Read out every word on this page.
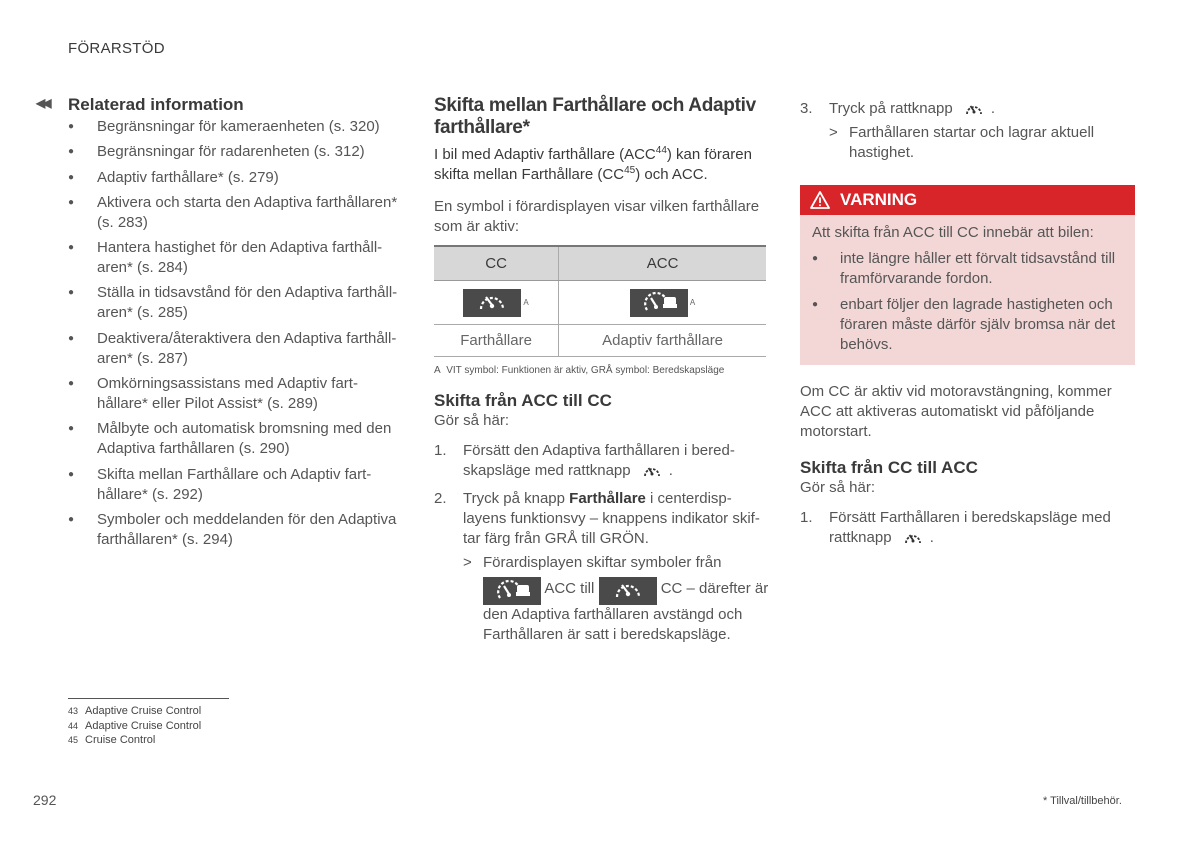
FÖRARSTÖD
◀◀ Relaterad information
● Begränsningar för kameraenheten (s. 320)
● Begränsningar för radarenheten (s. 312)
● Adaptiv farthållare* (s. 279)
● Aktivera och starta den Adaptiva farthållaren* (s. 283)
● Hantera hastighet för den Adaptiva farthåll-aren* (s. 284)
● Ställa in tidsavstånd för den Adaptiva farthåll-aren* (s. 285)
● Deaktivera/återaktivera den Adaptiva farthåll-aren* (s. 287)
● Omkörningsassistans med Adaptiv fart-hållare* eller Pilot Assist* (s. 289)
● Målbyte och automatisk bromsning med den Adaptiva farthållaren (s. 290)
● Skifta mellan Farthållare och Adaptiv fart-hållare* (s. 292)
● Symboler och meddelanden för den Adaptiva farthållaren* (s. 294)
Skifta mellan Farthållare och Adaptiv farthållare*

I bil med Adaptiv farthållare (ACC$^{44}$) kan föraren skifta mellan Farthållare (CC$^{45}$) och ACC.

En symbol i förardisplayen visar vilken farthållare som är aktiv:

CC	ACC

A	A
Farthållare	Adaptiv farthållare
A VIT symbol: Funktionen är aktiv, GRÅ symbol: Beredskapsläge
Skifta från ACC till CC

Gör så här:

1. Försätt den Adaptiva farthållaren i bered-skapsläge med rattknapp	.
2. Tryck på knapp Farthållare i centerdisp-layens funktionsvy – knappens indikator skif-tar färg från GRÅ till GRÖN.
> Förardisplayen skiftar symboler från

ACC till	CC – därefter är den Adaptiva farthållaren avstängd och Farthållaren är satt i beredskapsläge.
3. Tryck på rattknapp	.
> Farthållaren startar och lagrar aktuell hastighet.
VARNING

Att skifta från ACC till CC innebär att bilen:

● inte längre håller ett förvalt tidsavstånd till framförvarande fordon.
● enbart följer den lagrade hastigheten och föraren måste därför själv bromsa när det behövs.

Om CC är aktiv vid motoravstängning, kommer ACC att aktiveras automatiskt vid påföljande motorstart.

Skifta från CC till ACC

Gör så här:

1. Försätt Farthållaren i beredskapsläge med rattknapp	.
43 Adaptive Cruise Control
44 Adaptive Cruise Control
45 Cruise Control
292	* Tillval/tillbehör.
